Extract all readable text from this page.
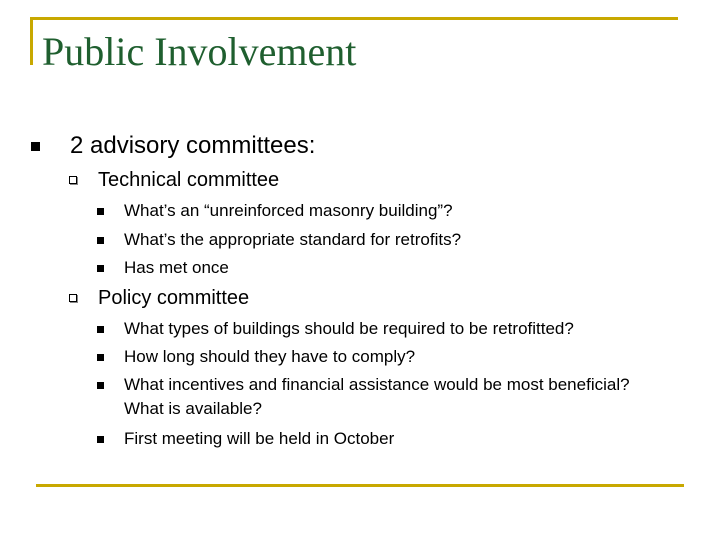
Public Involvement
2 advisory committees:
Technical committee
What’s an “unreinforced masonry building”?
What’s the appropriate standard for retrofits?
Has met once
Policy committee
What types of buildings should be required to be retrofitted?
How long should they have to comply?
What incentives and financial assistance would be most beneficial? What is available?
First meeting will be held in October
